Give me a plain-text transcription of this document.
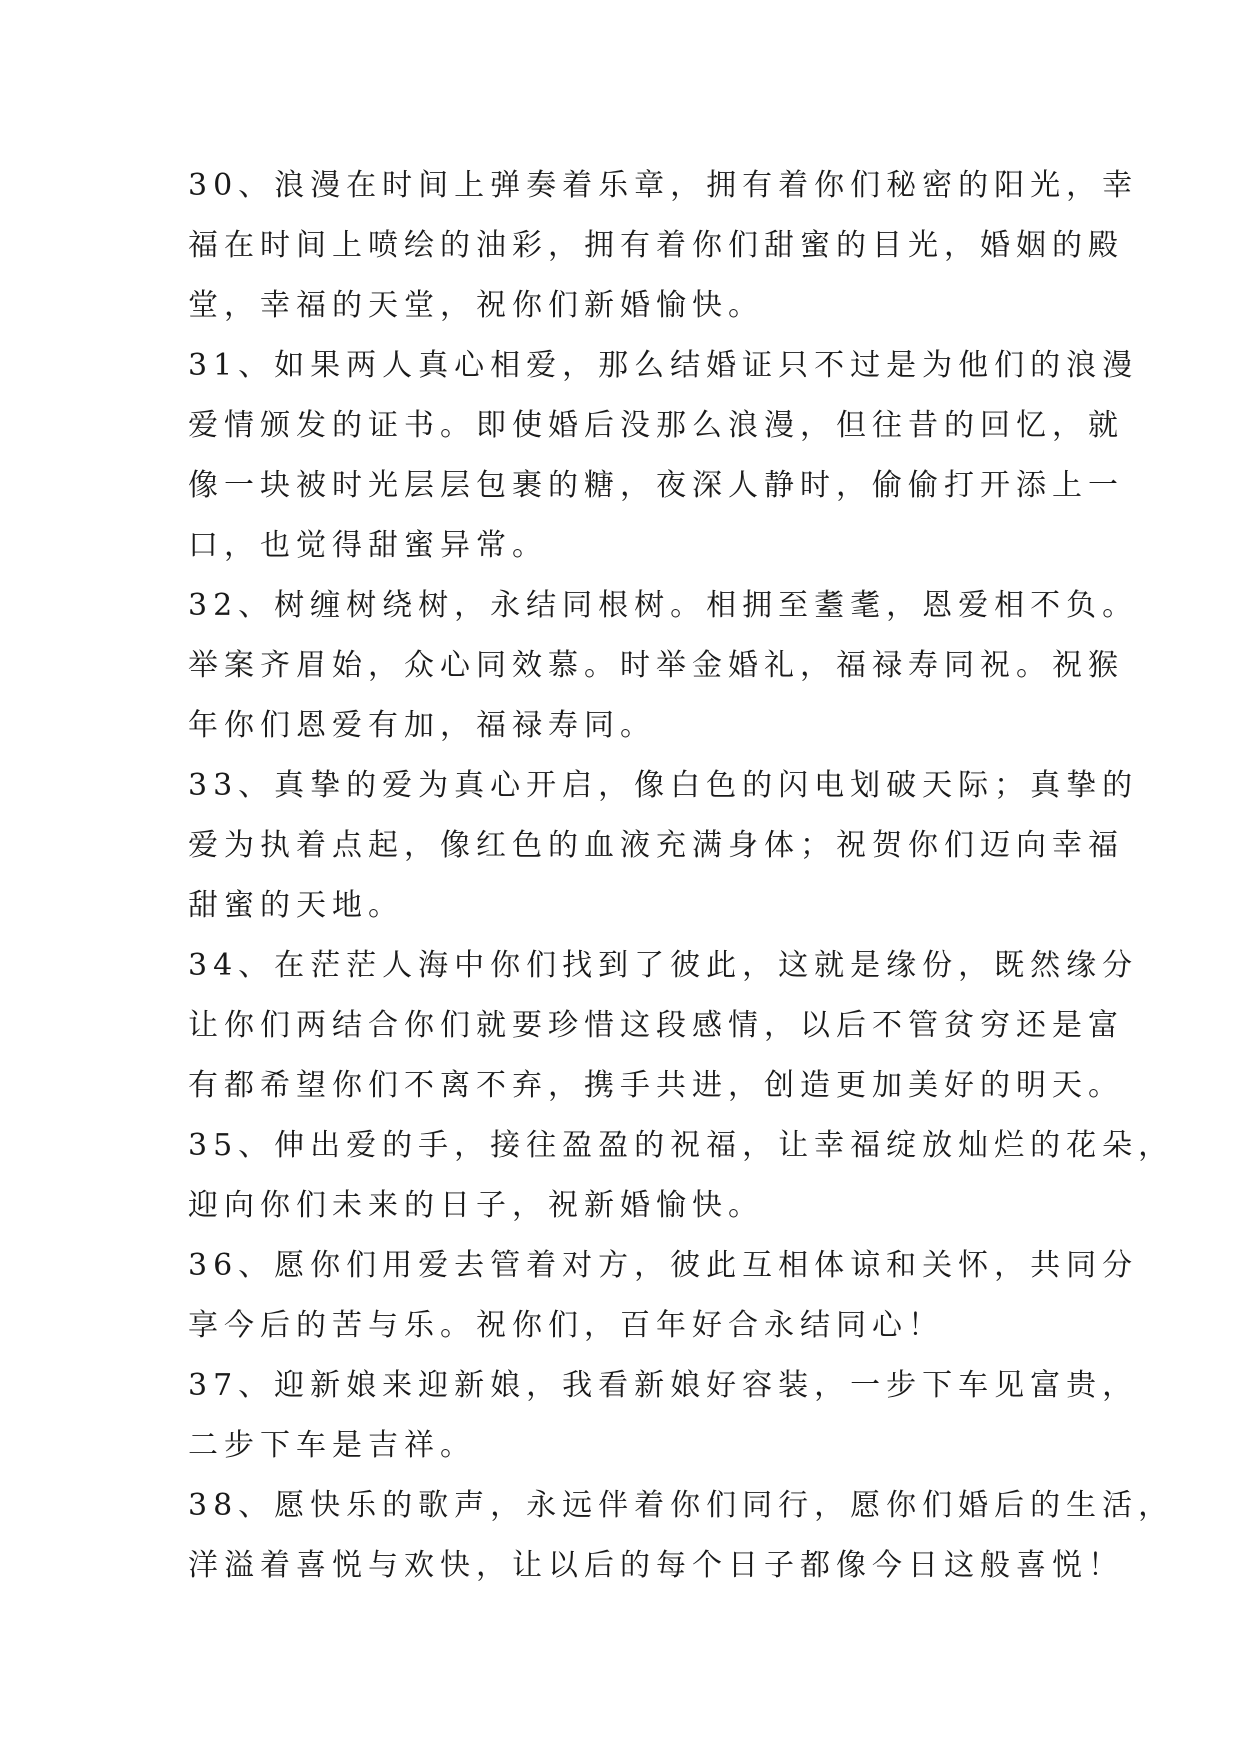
30、浪漫在时间上弹奏着乐章，拥有着你们秘密的阳光，幸
福在时间上喷绘的油彩，拥有着你们甜蜜的目光，婚姻的殿
堂，幸福的天堂，祝你们新婚愉快。
31、如果两人真心相爱，那么结婚证只不过是为他们的浪漫
爱情颁发的证书。即使婚后没那么浪漫，但往昔的回忆，就
像一块被时光层层包裹的糖，夜深人静时，偷偷打开添上一
口，也觉得甜蜜异常。
32、树缠树绕树，永结同根树。相拥至耋耄，恩爱相不负。
举案齐眉始，众心同效慕。时举金婚礼，福禄寿同祝。祝猴
年你们恩爱有加，福禄寿同。
33、真挚的爱为真心开启，像白色的闪电划破天际；真挚的
爱为执着点起，像红色的血液充满身体；祝贺你们迈向幸福
甜蜜的天地。
34、在茫茫人海中你们找到了彼此，这就是缘份，既然缘分
让你们两结合你们就要珍惜这段感情，以后不管贫穷还是富
有都希望你们不离不弃，携手共进，创造更加美好的明天。
35、伸出爱的手，接往盈盈的祝福，让幸福绽放灿烂的花朵，
迎向你们未来的日子，祝新婚愉快。
36、愿你们用爱去管着对方，彼此互相体谅和关怀，共同分
享今后的苦与乐。祝你们，百年好合永结同心！
37、迎新娘来迎新娘，我看新娘好容装，一步下车见富贵，
二步下车是吉祥。
38、愿快乐的歌声，永远伴着你们同行，愿你们婚后的生活，
洋溢着喜悦与欢快，让以后的每个日子都像今日这般喜悦！
